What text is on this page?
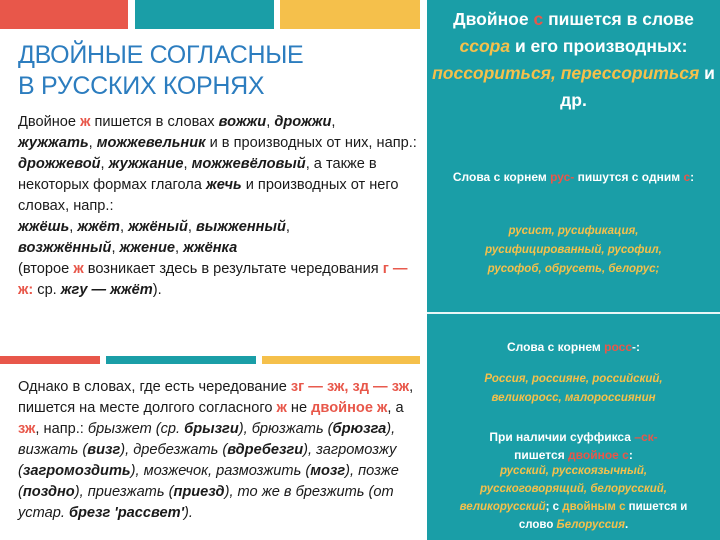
ДВОЙНЫЕ СОГЛАСНЫЕ
В РУССКИХ КОРНЯХ
Двойное ж пишется в словах вожжи, дрожжи,
жужжать, можжевельник и в производных от них, напр.:
дрожжевой, жужжание, можжевёловый, а также в некоторых формах глагола жечь и производных от него словах, напр.:
жжёшь, жжёт, жжёный, выжженный,
возжжённый, жжение, жжёнка
(второе ж возникает здесь в результате чередования г — ж: ср. жгу — жжёт).
Однако в словах, где есть чередование зг — зж, зд — зж, пишется на месте долгого согласного ж не двойное ж, а зж, напр.: брызжет (ср. брызги), брюзжать (брюзга), визжать (визг), дребезжать (вдребезги), загромозжу (загромоздить), мозжечок, размозжить (мозг), позже (поздно), приезжать (приезд), то же в брезжить (от устар. брезг 'рассвет').
Двойное с пишется в слове
ссора и его производных:
поссориться, перессориться и др.
Слова с корнем рус- пишутся с одним с:
русист, русификация, русифицированный, русофил, русофоб, обрусеть, белорус;
Слова с корнем росс-:
Россия, россияне, российский, великоросс, малороссиянин
При наличии суффикса –ск- пишется двойное с:
русский, русскоязычный, русскоговорящий, белорусский, великорусский; с двойным с пишется и слово Белоруссия.
